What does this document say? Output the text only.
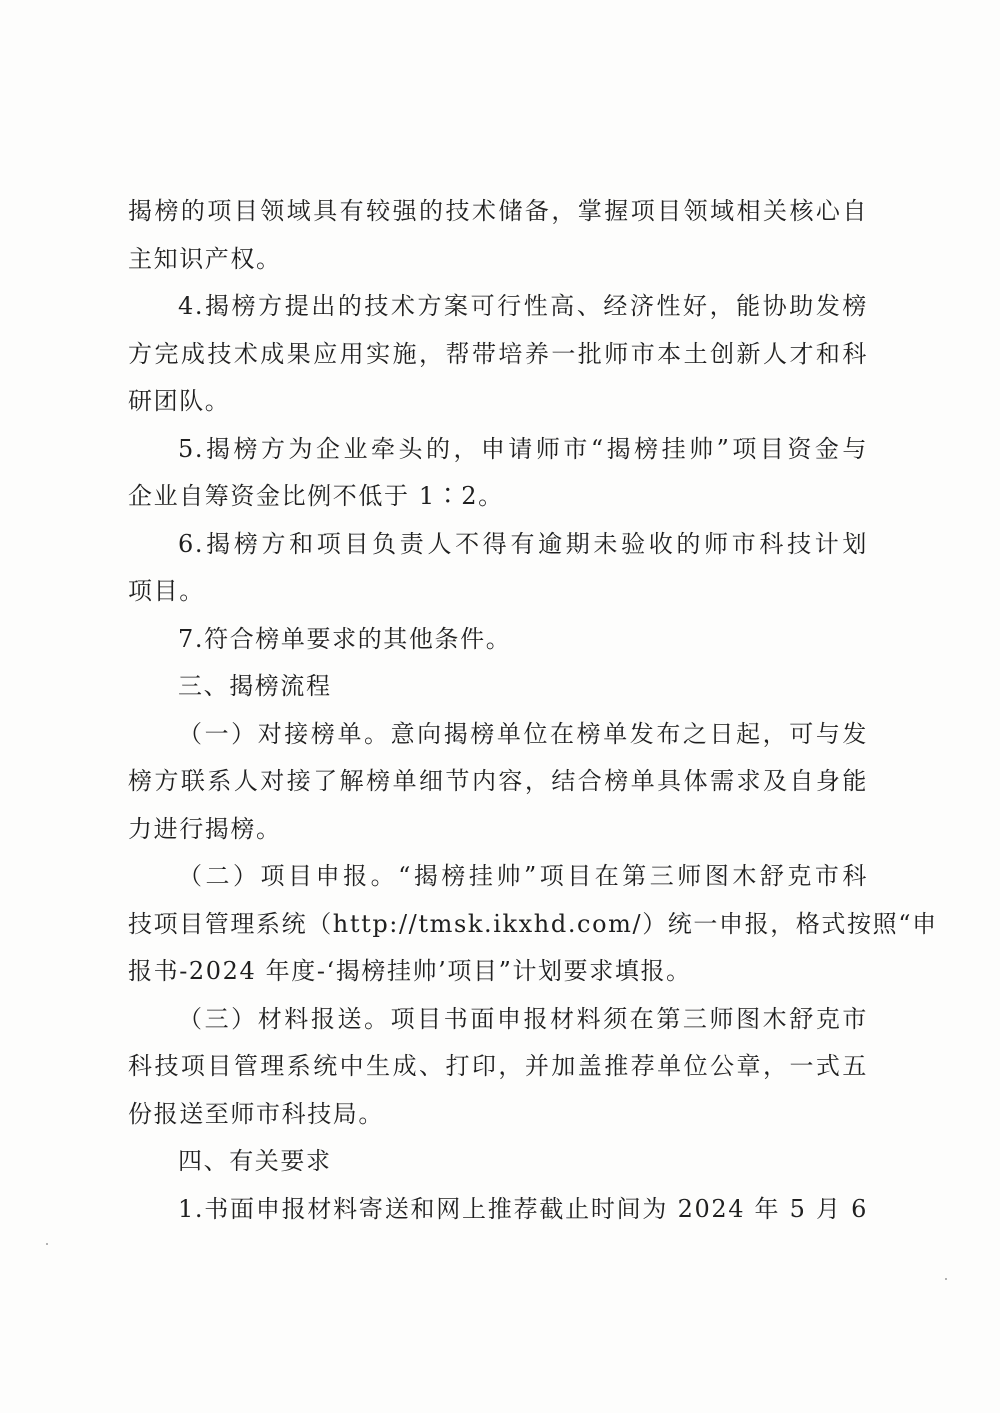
揭榜的项目领域具有较强的技术储备，掌握项目领域相关核心自
主知识产权。
4.揭榜方提出的技术方案可行性高、经济性好，能协助发榜
方完成技术成果应用实施，帮带培养一批师市本土创新人才和科
研团队。
5.揭榜方为企业牵头的，申请师市“揭榜挂帅”项目资金与
企业自筹资金比例不低于 1∶2。
6.揭榜方和项目负责人不得有逾期未验收的师市科技计划
项目。
7.符合榜单要求的其他条件。
三、揭榜流程
（一）对接榜单。意向揭榜单位在榜单发布之日起，可与发
榜方联系人对接了解榜单细节内容，结合榜单具体需求及自身能
力进行揭榜。
（二）项目申报。“揭榜挂帅”项目在第三师图木舒克市科
技项目管理系统（http://tmsk.ikxhd.com/）统一申报，格式按照“申
报书-2024 年度-‘揭榜挂帅’项目”计划要求填报。
（三）材料报送。项目书面申报材料须在第三师图木舒克市
科技项目管理系统中生成、打印，并加盖推荐单位公章，一式五
份报送至师市科技局。
四、有关要求
1.书面申报材料寄送和网上推荐截止时间为 2024 年 5 月 6
